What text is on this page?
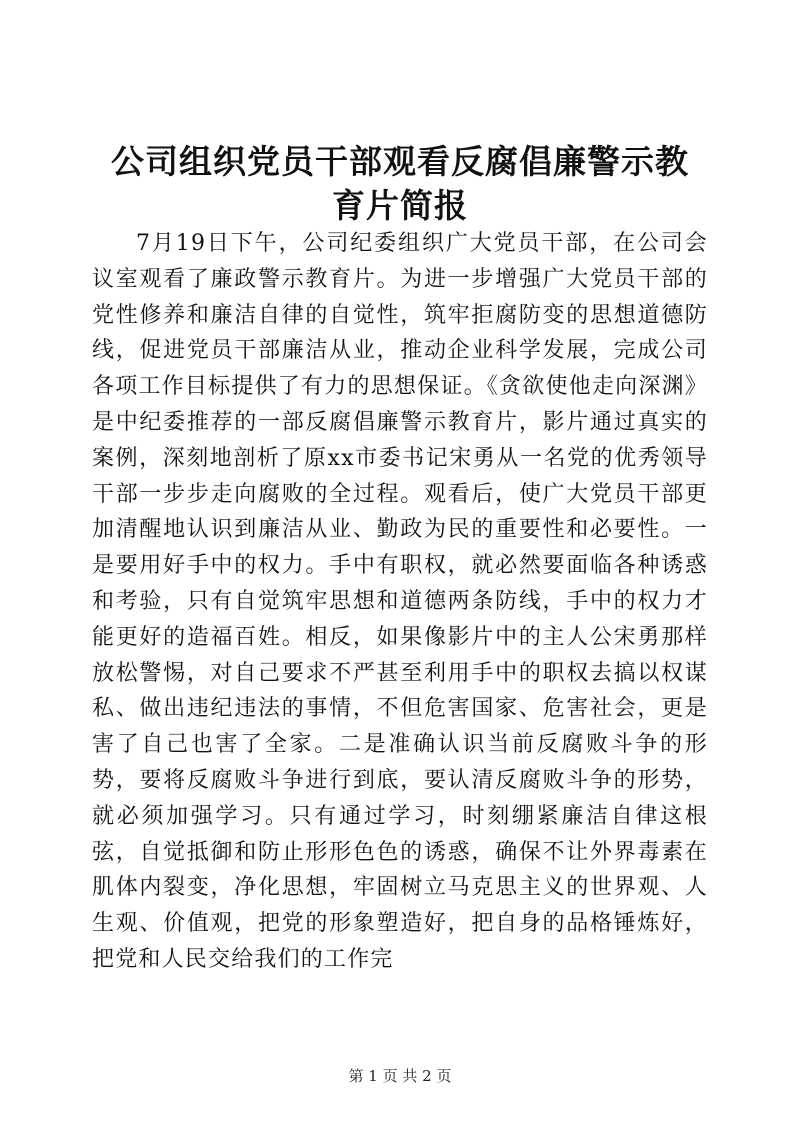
公司组织党员干部观看反腐倡廉警示教育片简报

7月19日下午，公司纪委组织广大党员干部，在公司会议室观看了廉政警示教育片。为进一步增强广大党员干部的党性修养和廉洁自律的自觉性，筑牢拒腐防变的思想道德防线，促进党员干部廉洁从业，推动企业科学发展，完成公司各项工作目标提供了有力的思想保证。《贪欲使他走向深渊》是中纪委推荐的一部反腐倡廉警示教育片，影片通过真实的案例，深刻地剖析了原xx市委书记宋勇从一名党的优秀领导干部一步步走向腐败的全过程。观看后，使广大党员干部更加清醒地认识到廉洁从业、勤政为民的重要性和必要性。一是要用好手中的权力。手中有职权，就必然要面临各种诱惑和考验，只有自觉筑牢思想和道德两条防线，手中的权力才能更好的造福百姓。相反，如果像影片中的主人公宋勇那样放松警惕，对自己要求不严甚至利用手中的职权去搞以权谋私、做出违纪违法的事情，不但危害国家、危害社会，更是害了自己也害了全家。二是准确认识当前反腐败斗争的形势，要将反腐败斗争进行到底，要认清反腐败斗争的形势，就必须加强学习。只有通过学习，时刻绷紧廉洁自律这根弦，自觉抵御和防止形形色色的诱惑，确保不让外界毒素在肌体内裂变，净化思想，牢固树立马克思主义的世界观、人生观、价值观，把党的形象塑造好，把自身的品格锤炼好，把党和人民交给我们的工作完

第 1 页 共 2 页
